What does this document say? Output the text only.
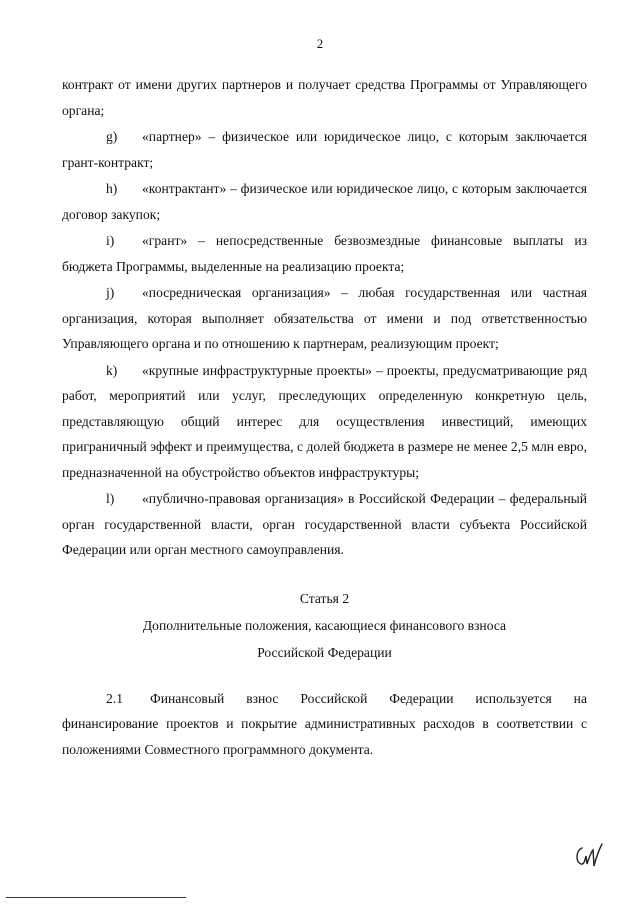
2

контракт от имени других партнеров и получает средства Программы от Управляющего органа;

g) «партнер» – физическое или юридическое лицо, с которым заключается грант-контракт;

h) «контрактант» – физическое или юридическое лицо, с которым заключается договор закупок;

i) «грант» – непосредственные безвозмездные финансовые выплаты из бюджета Программы, выделенные на реализацию проекта;

j) «посредническая организация» – любая государственная или частная организация, которая выполняет обязательства от имени и под ответственностью Управляющего органа и по отношению к партнерам, реализующим проект;

k) «крупные инфраструктурные проекты» – проекты, предусматривающие ряд работ, мероприятий или услуг, преследующих определенную конкретную цель, представляющую общий интерес для осуществления инвестиций, имеющих приграничный эффект и преимущества, с долей бюджета в размере не менее 2,5 млн евро, предназначенной на обустройство объектов инфраструктуры;

l) «публично-правовая организация» в Российской Федерации – федеральный орган государственной власти, орган государственной власти субъекта Российской Федерации или орган местного самоуправления.

Статья 2
Дополнительные положения, касающиеся финансового взноса
Российской Федерации

2.1 Финансовый взнос Российской Федерации используется на финансирование проектов и покрытие административных расходов в соответствии с положениями Совместного программного документа.
